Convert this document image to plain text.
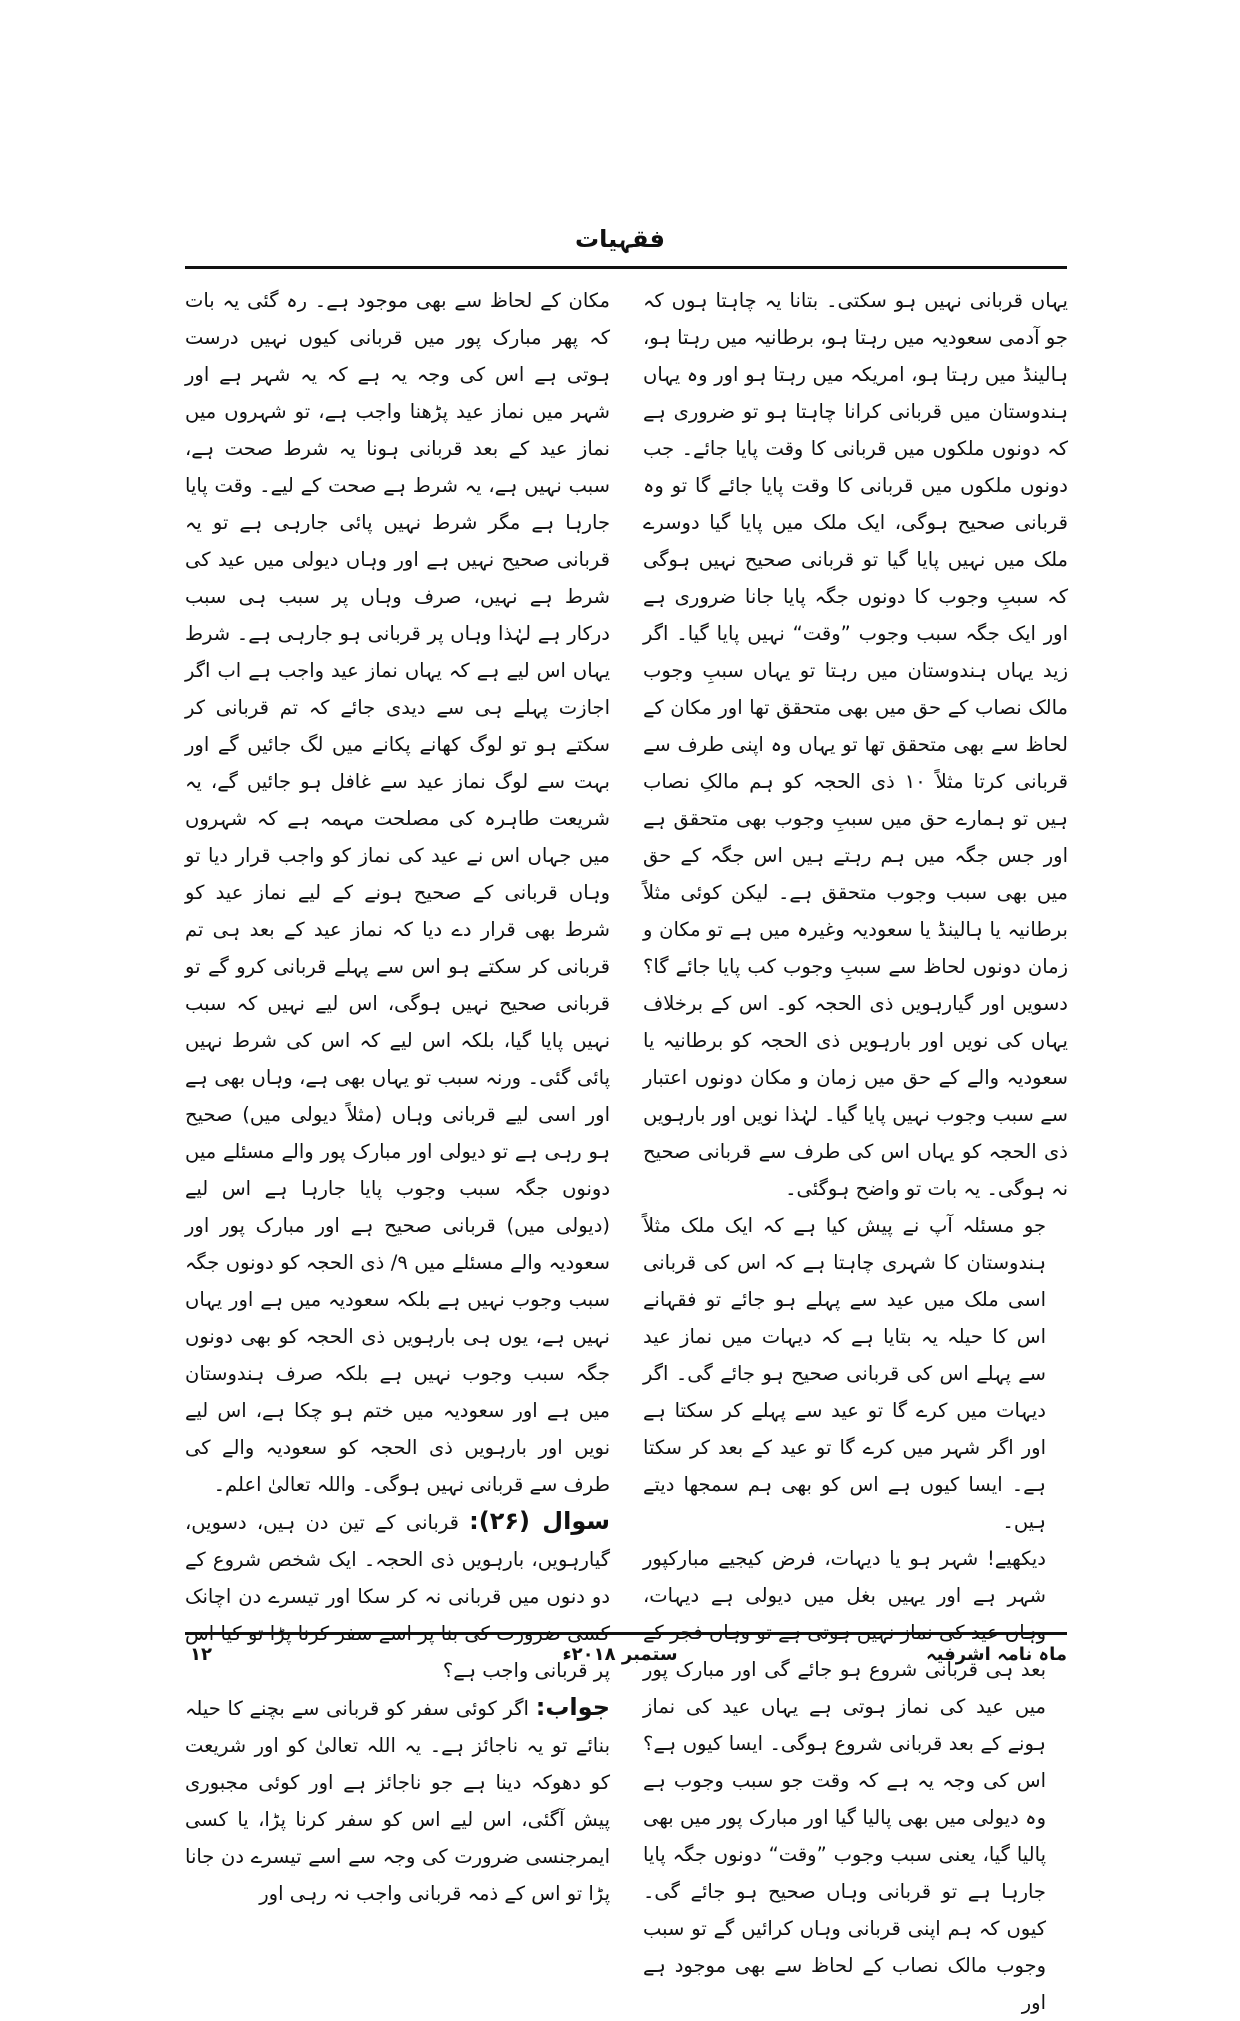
فقہیات

یہاں قربانی نہیں ہو سکتی۔ بتانا یہ چاہتا ہوں کہ جو آدمی سعودیہ میں رہتا ہو، برطانیہ میں رہتا ہو، ہالینڈ میں رہتا ہو، امریکہ میں رہتا ہو اور وہ یہاں ہندوستان میں قربانی کرانا چاہتا ہو تو ضروری ہے کہ دونوں ملکوں میں قربانی کا وقت پایا جائے۔ جب دونوں ملکوں میں قربانی کا وقت پایا جائے گا تو وہ قربانی صحیح ہوگی، ایک ملک میں پایا گیا دوسرے ملک میں نہیں پایا گیا تو قربانی صحیح نہیں ہوگی کہ سببِ وجوب کا دونوں جگہ پایا جانا ضروری ہے اور ایک جگہ سبب وجوب ”وقت“ نہیں پایا گیا۔ اگر زید یہاں ہندوستان میں رہتا تو یہاں سببِ وجوب مالک نصاب کے حق میں بھی متحقق تھا اور مکان کے لحاظ سے بھی متحقق تھا تو یہاں وہ اپنی طرف سے قربانی کرتا مثلاً ۱۰ ذی الحجہ کو ہم مالکِ نصاب ہیں تو ہمارے حق میں سببِ وجوب بھی متحقق ہے اور جس جگہ میں ہم رہتے ہیں اس جگہ کے حق میں بھی سبب وجوب متحقق ہے۔ لیکن کوئی مثلاً برطانیہ یا ہالینڈ یا سعودیہ وغیرہ میں ہے تو مکان و زمان دونوں لحاظ سے سببِ وجوب کب پایا جائے گا؟ دسویں اور گیارہویں ذی الحجہ کو۔ اس کے برخلاف یہاں کی نویں اور بارہویں ذی الحجہ کو برطانیہ یا سعودیہ والے کے حق میں زمان و مکان دونوں اعتبار سے سبب وجوب نہیں پایا گیا۔ لہٰذا نویں اور بارہویں ذی الحجہ کو یہاں اس کی طرف سے قربانی صحیح نہ ہوگی۔ یہ بات تو واضح ہوگئی۔

جو مسئلہ آپ نے پیش کیا ہے کہ ایک ملک مثلاً ہندوستان کا شہری چاہتا ہے کہ اس کی قربانی اسی ملک میں عید سے پہلے ہو جائے تو فقہانے اس کا حیلہ یہ بتایا ہے کہ دیہات میں نماز عید سے پہلے اس کی قربانی صحیح ہو جائے گی۔ اگر دیہات میں کرے گا تو عید سے پہلے کر سکتا ہے اور اگر شہر میں کرے گا تو عید کے بعد کر سکتا ہے۔ ایسا کیوں ہے اس کو بھی ہم سمجھا دیتے ہیں۔

دیکھیے! شہر ہو یا دیہات، فرض کیجیے مبارکپور شہر ہے اور یہیں بغل میں دیولی ہے دیہات، وہاں عید کی نماز نہیں ہوتی ہے تو وہاں فجر کے بعد ہی قربانی شروع ہو جائے گی اور مبارک پور میں عید کی نماز ہوتی ہے یہاں عید کی نماز ہونے کے بعد قربانی شروع ہوگی۔ ایسا کیوں ہے؟ اس کی وجہ یہ ہے کہ وقت جو سبب وجوب ہے وہ دیولی میں بھی پالیا گیا اور مبارک پور میں بھی پالیا گیا، یعنی سبب وجوب ”وقت“ دونوں جگہ پایا جارہا ہے تو قربانی وہاں صحیح ہو جائے گی۔ کیوں کہ ہم اپنی قربانی وہاں کرائیں گے تو سبب وجوب مالک نصاب کے لحاظ سے بھی موجود ہے اور

مکان کے لحاظ سے بھی موجود ہے۔ رہ گئی یہ بات کہ پھر مبارک پور میں قربانی کیوں نہیں درست ہوتی ہے اس کی وجہ یہ ہے کہ یہ شہر ہے اور شہر میں نماز عید پڑھنا واجب ہے، تو شہروں میں نماز عید کے بعد قربانی ہونا یہ شرط صحت ہے، سبب نہیں ہے، یہ شرط ہے صحت کے لیے۔ وقت پایا جارہا ہے مگر شرط نہیں پائی جارہی ہے تو یہ قربانی صحیح نہیں ہے اور وہاں دیولی میں عید کی شرط ہے نہیں، صرف وہاں پر سبب ہی سبب درکار ہے لہٰذا وہاں پر قربانی ہو جارہی ہے۔ شرط یہاں اس لیے ہے کہ یہاں نماز عید واجب ہے اب اگر اجازت پہلے ہی سے دیدی جائے کہ تم قربانی کر سکتے ہو تو لوگ کھانے پکانے میں لگ جائیں گے اور بہت سے لوگ نماز عید سے غافل ہو جائیں گے، یہ شریعت طاہرہ کی مصلحت مہمہ ہے کہ شہروں میں جہاں اس نے عید کی نماز کو واجب قرار دیا تو وہاں قربانی کے صحیح ہونے کے لیے نماز عید کو شرط بھی قرار دے دیا کہ نماز عید کے بعد ہی تم قربانی کر سکتے ہو اس سے پہلے قربانی کرو گے تو قربانی صحیح نہیں ہوگی، اس لیے نہیں کہ سبب نہیں پایا گیا، بلکہ اس لیے کہ اس کی شرط نہیں پائی گئی۔ ورنہ سبب تو یہاں بھی ہے، وہاں بھی ہے اور اسی لیے قربانی وہاں (مثلاً دیولی میں) صحیح ہو رہی ہے تو دیولی اور مبارک پور والے مسئلے میں دونوں جگہ سبب وجوب پایا جارہا ہے اس لیے (دیولی میں) قربانی صحیح ہے اور مبارک پور اور سعودیہ والے مسئلے میں ۹/ ذی الحجہ کو دونوں جگہ سبب وجوب نہیں ہے بلکہ سعودیہ میں ہے اور یہاں نہیں ہے، یوں ہی بارہویں ذی الحجہ کو بھی دونوں جگہ سبب وجوب نہیں ہے بلکہ صرف ہندوستان میں ہے اور سعودیہ میں ختم ہو چکا ہے، اس لیے نویں اور بارہویں ذی الحجہ کو سعودیہ والے کی طرف سے قربانی نہیں ہوگی۔ واللہ تعالیٰ اعلم۔

سوال (۲۶): قربانی کے تین دن ہیں، دسویں، گیارہویں، بارہویں ذی الحجہ۔ ایک شخص شروع کے دو دنوں میں قربانی نہ کر سکا اور تیسرے دن اچانک کسی ضرورت کی بنا پر اسے سفر کرنا پڑا تو کیا اس پر قربانی واجب ہے؟

جواب: اگر کوئی سفر کو قربانی سے بچنے کا حیلہ بنائے تو یہ ناجائز ہے۔ یہ اللہ تعالیٰ کو اور شریعت کو دھوکہ دینا ہے جو ناجائز ہے اور کوئی مجبوری پیش آگئی، اس لیے اس کو سفر کرنا پڑا، یا کسی ایمرجنسی ضرورت کی وجہ سے اسے تیسرے دن جانا پڑا تو اس کے ذمہ قربانی واجب نہ رہی اور

ماہ نامہ اشرفیہ
ستمبر ۲۰۱۸ء
۱۲
